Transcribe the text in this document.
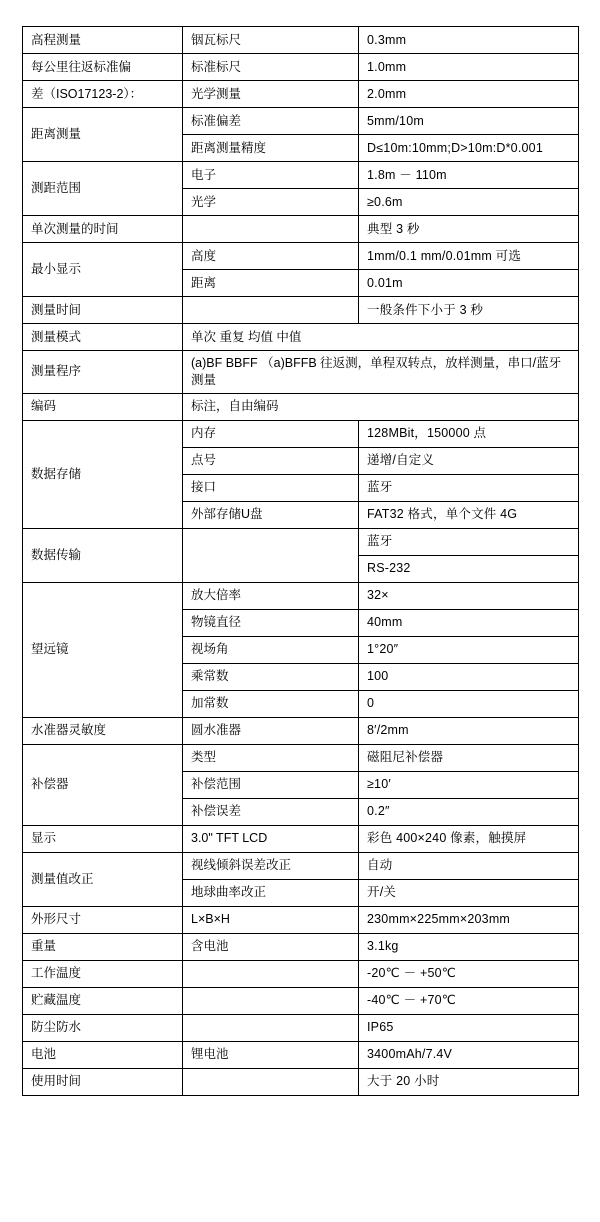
高程测量	铟瓦标尺	0.3mm
每公里往返标准偏	标准标尺	1.0mm
差（ISO17123-2）：	光学测量	2.0mm
距离测量	标准偏差	5mm/10m
	距离测量精度	D≤10m:10mm;D>10m:D*0.001
测距范围	电子	1.8m － 110m
	光学	≥0.6m
单次测量的时间		典型 3 秒
最小显示	高度	1mm/0.1 mm/0.01mm 可选
	距离	0.01m
测量时间		一般条件下小于 3 秒
测量模式	单次 重复 均值 中值	
测量程序	(a)BF BBFF （a)BFFB 往返测，单程双转点，放样测量，串口/蓝牙测量	
编码	标注，自由编码	
数据存储	内存	128MBit，150000 点
	点号	递增/自定义
	接口	蓝牙
	外部存储U盘	FAT32 格式，单个文件 4G
数据传输		蓝牙
		RS-232
望远镜	放大倍率	32×
	物镜直径	40mm
	视场角	1°20″
	乘常数	100
	加常数	0
水准器灵敏度	圆水准器	8′/2mm
补偿器	类型	磁阻尼补偿器
	补偿范围	≥10′
	补偿误差	0.2″
显示	3.0" TFT LCD	彩色 400×240 像素，触摸屏
测量值改正	视线倾斜误差改正	自动
	地球曲率改正	开/关
外形尺寸	L×B×H	230mm×225mm×203mm
重量	含电池	3.1kg
工作温度		-20℃ － +50℃
贮藏温度		-40℃ － +70℃
防尘防水		IP65
电池	锂电池	3400mAh/7.4V
使用时间		大于 20 小时
